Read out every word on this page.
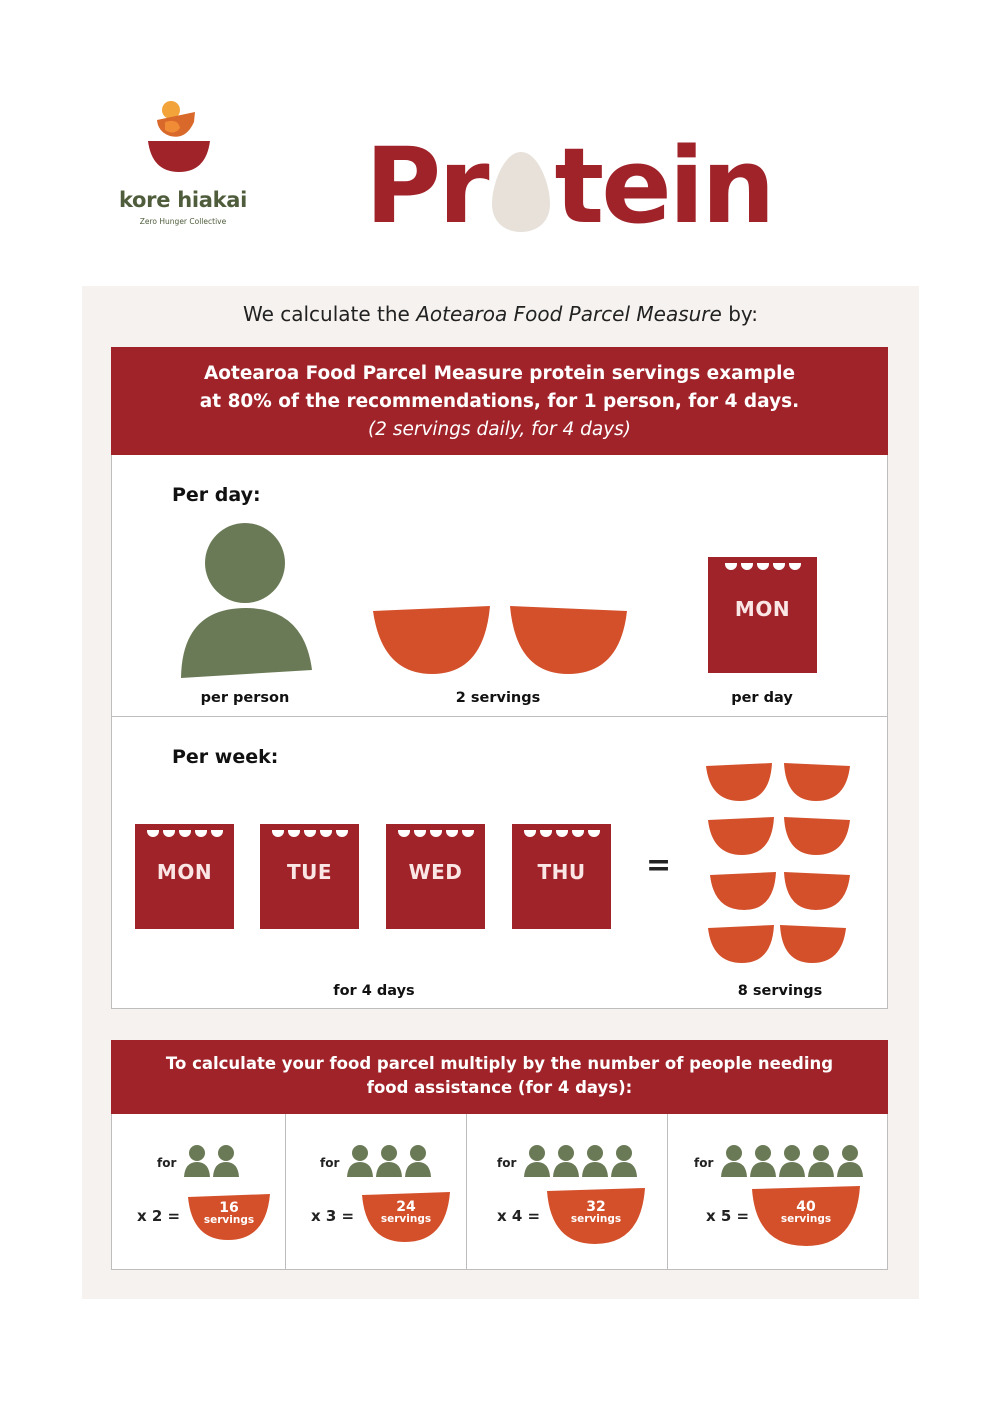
kore hiakai
Zero Hunger Collective Pr tein
We calculate the Aotearoa Food Parcel Measure by:
Aotearoa Food Parcel Measure protein servings example
at 80% of the recommendations, for 1 person, for 4 days.
(2 servings daily, for 4 days)
Per day:
per person	2 servings
MON
per day
Per week:
MON	TUE	WED	THU	=
for 4 days	8 servings
To calculate your food parcel multiply by the number of people needing
food assistance (for 4 days):
for
x 2 =	16
servings
for
x 3 =	24
servings
for
x 4 =	32
servings
for
x 5 =	40
servings
